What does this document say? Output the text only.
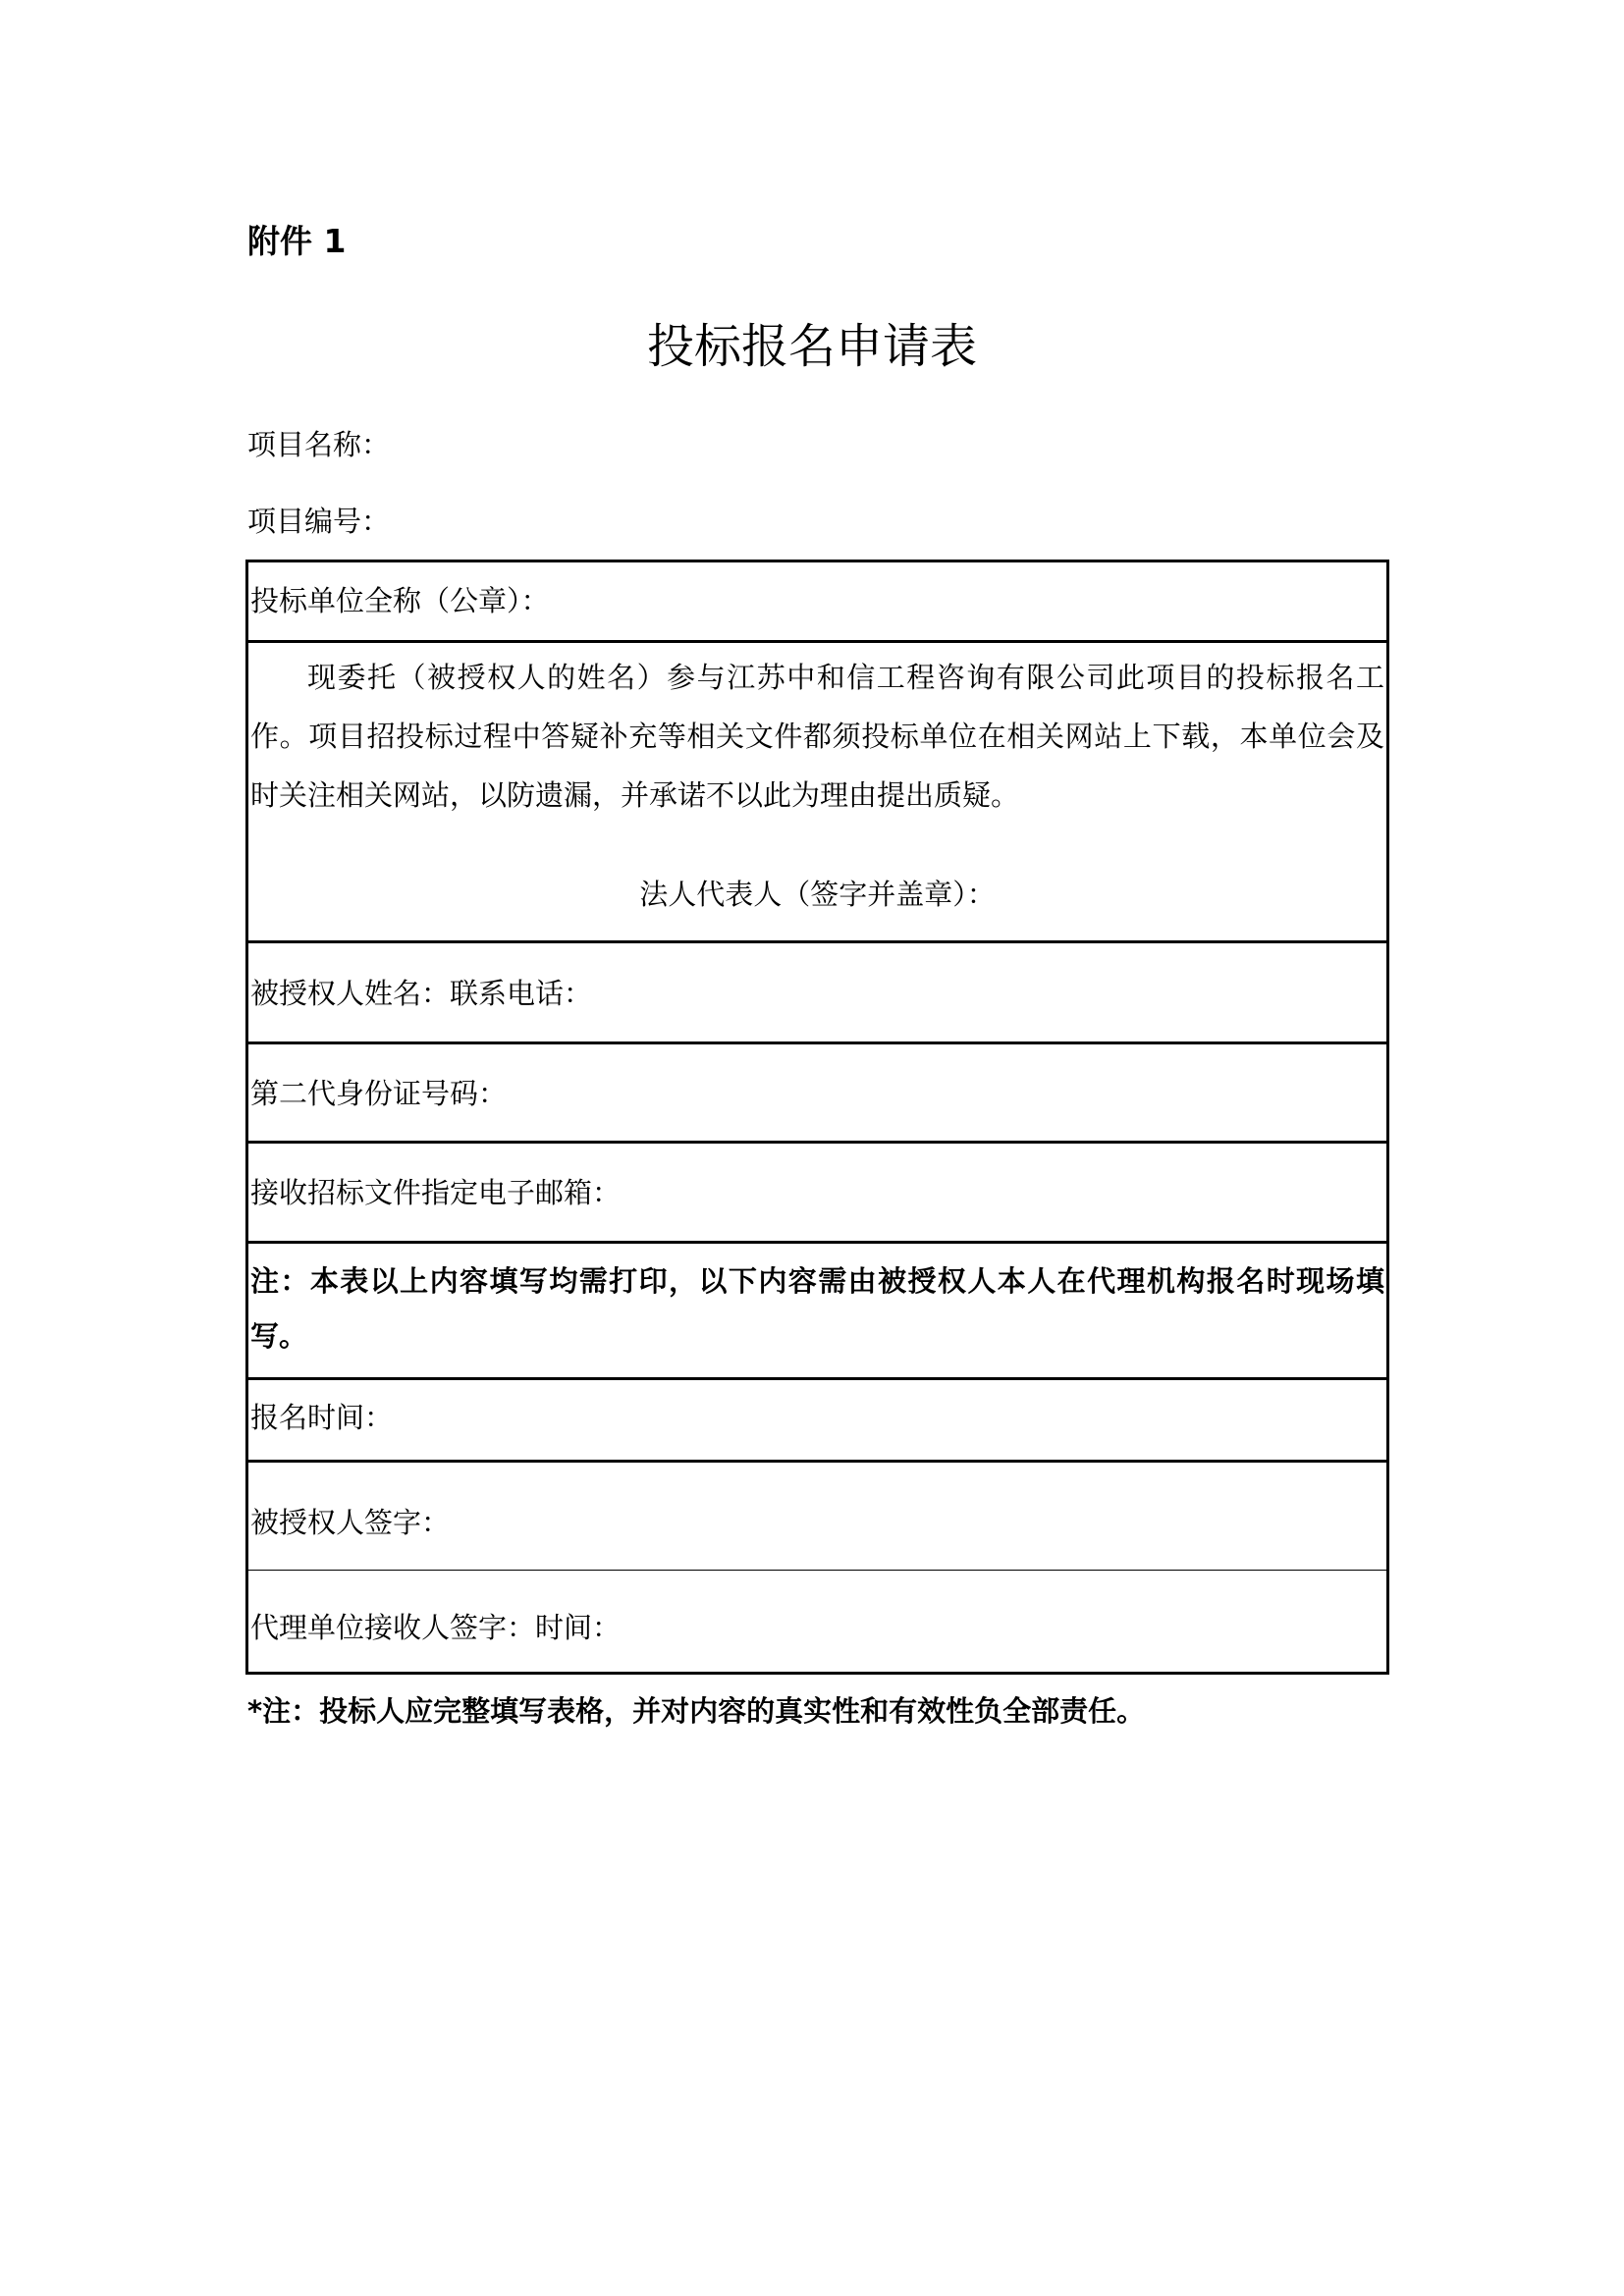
附件 1
投标报名申请表
项目名称：
项目编号：
投标单位全称（公章）：
现委托（被授权人的姓名）参与江苏中和信工程咨询有限公司此项目的投标报名工作。项目招投标过程中答疑补充等相关文件都须投标单位在相关网站上下载，本单位会及时关注相关网站，以防遗漏，并承诺不以此为理由提出质疑。
被授权人姓名：联系电话：
第二代身份证号码：
接收招标文件指定电子邮箱：
注：本表以上内容填写均需打印，以下内容需由被授权人本人在代理机构报名时现场填写。
报名时间：
被授权人签字：
代理单位接收人签字：时间：
法人代表人（签字并盖章）：
*注：投标人应完整填写表格，并对内容的真实性和有效性负全部责任。
